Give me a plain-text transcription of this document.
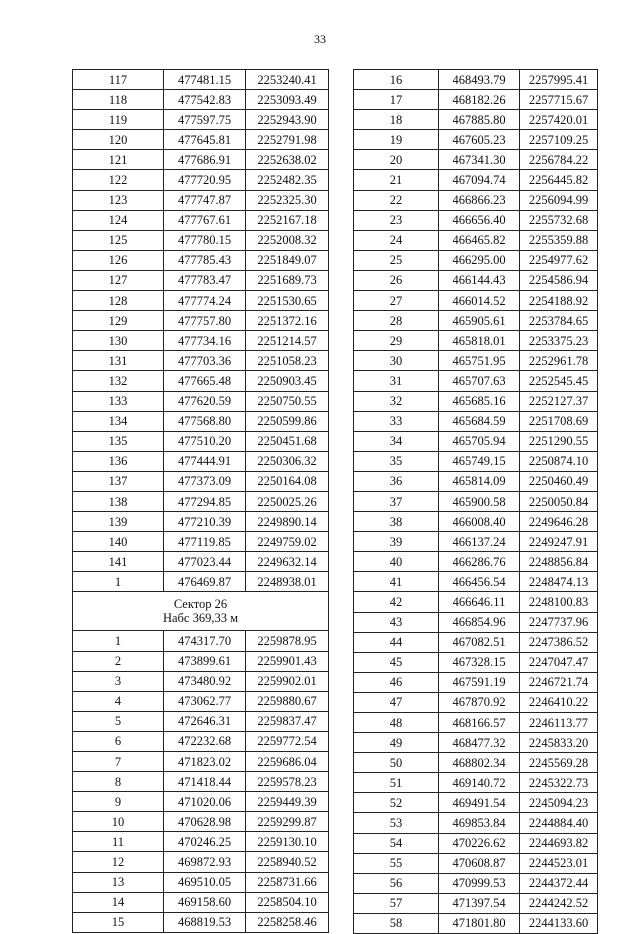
33
117	477481.15	2253240.41
118	477542.83	2253093.49
119	477597.75	2252943.90
120	477645.81	2252791.98
121	477686.91	2252638.02
122	477720.95	2252482.35
123	477747.87	2252325.30
124	477767.61	2252167.18
125	477780.15	2252008.32
126	477785.43	2251849.07
127	477783.47	2251689.73
128	477774.24	2251530.65
129	477757.80	2251372.16
130	477734.16	2251214.57
131	477703.36	2251058.23
132	477665.48	2250903.45
133	477620.59	2250750.55
134	477568.80	2250599.86
135	477510.20	2250451.68
136	477444.91	2250306.32
137	477373.09	2250164.08
138	477294.85	2250025.26
139	477210.39	2249890.14
140	477119.85	2249759.02
141	477023.44	2249632.14
1	476469.87	2248938.01

Сектор 26
Набс 369,33 м		

1	474317.70	2259878.95
2	473899.61	2259901.43
3	473480.92	2259902.01
4	473062.77	2259880.67
5	472646.31	2259837.47
6	472232.68	2259772.54
7	471823.02	2259686.04
8	471418.44	2259578.23
9	471020.06	2259449.39
10	470628.98	2259299.87
11	470246.25	2259130.10
12	469872.93	2258940.52
13	469510.05	2258731.66
14	469158.60	2258504.10
15	468819.53	2258258.46
16	468493.79	2257995.41
17	468182.26	2257715.67
18	467885.80	2257420.01
19	467605.23	2257109.25
20	467341.30	2256784.22
21	467094.74	2256445.82
22	466866.23	2256094.99
23	466656.40	2255732.68
24	466465.82	2255359.88
25	466295.00	2254977.62
26	466144.43	2254586.94
27	466014.52	2254188.92
28	465905.61	2253784.65
29	465818.01	2253375.23
30	465751.95	2252961.78
31	465707.63	2252545.45
32	465685.16	2252127.37
33	465684.59	2251708.69
34	465705.94	2251290.55
35	465749.15	2250874.10
36	465814.09	2250460.49
37	465900.58	2250050.84
38	466008.40	2249646.28
39	466137.24	2249247.91
40	466286.76	2248856.84
41	466456.54	2248474.13
42	466646.11	2248100.83
43	466854.96	2247737.96
44	467082.51	2247386.52
45	467328.15	2247047.47
46	467591.19	2246721.74
47	467870.92	2246410.22
48	468166.57	2246113.77
49	468477.32	2245833.20
50	468802.34	2245569.28
51	469140.72	2245322.73
52	469491.54	2245094.23
53	469853.84	2244884.40
54	470226.62	2244693.82
55	470608.87	2244523.01
56	470999.53	2244372.44
57	471397.54	2244242.52
58	471801.80	2244133.60
